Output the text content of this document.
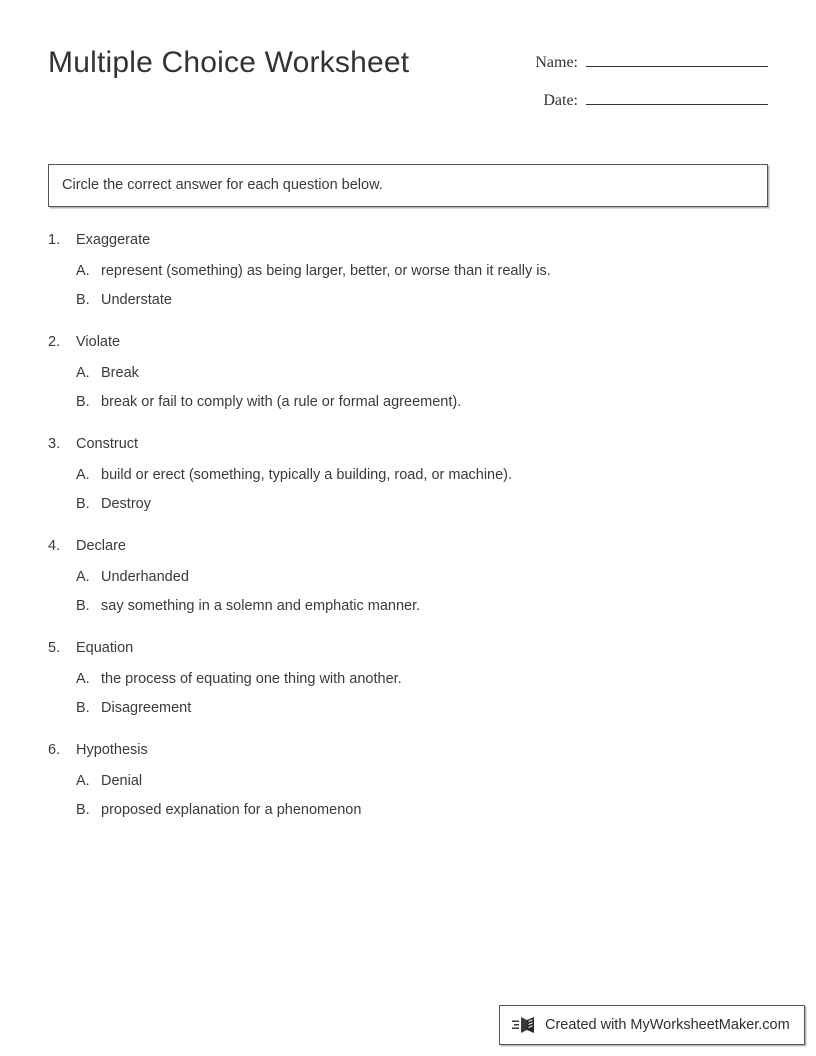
Multiple Choice Worksheet	Name:
Date:
Circle the correct answer for each question below.
1.	Exaggerate
A. represent (something) as being larger, better, or worse than it really is.
B. Understate
2.	Violate
A. Break
B. break or fail to comply with (a rule or formal agreement).
3.	Construct
A. build or erect (something, typically a building, road, or machine).
B. Destroy
4.	Declare
A. Underhanded
B. say something in a solemn and emphatic manner.
5.	Equation
A. the process of equating one thing with another.
B. Disagreement
6.	Hypothesis
A. Denial
B. proposed explanation for a phenomenon
Created with MyWorksheetMaker.com
